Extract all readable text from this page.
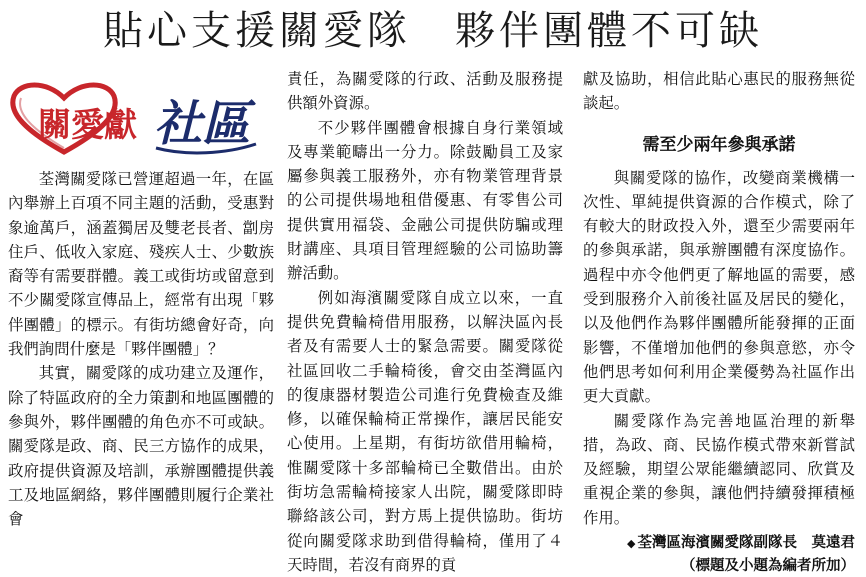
貼心支援關愛隊　夥伴團體不可缺
關愛獻 社區

荃灣關愛隊已營運超過一年，在區內舉辦上百項不同主題的活動，受惠對象逾萬戶，涵蓋獨居及雙老長者、劏房住戶、低收入家庭、殘疾人士、少數族裔等有需要群體。義工或街坊或留意到不少關愛隊宣傳品上，經常有出現「夥伴團體」的標示。有街坊總會好奇，向我們詢問什麼是「夥伴團體」？

其實，關愛隊的成功建立及運作，除了特區政府的全力策劃和地區團體的參與外，夥伴團體的角色亦不可或缺。關愛隊是政、商、民三方協作的成果，政府提供資源及培訓，承辦團體提供義工及地區網絡，夥伴團體則履行企業社會

責任，為關愛隊的行政、活動及服務提供額外資源。

不少夥伴團體會根據自身行業領域及專業範疇出一分力。除鼓勵員工及家屬參與義工服務外，亦有物業管理背景的公司提供場地租借優惠、有零售公司提供實用福袋、金融公司提供防騙或理財講座、具項目管理經驗的公司協助籌辦活動。

例如海濱關愛隊自成立以來，一直提供免費輪椅借用服務，以解決區內長者及有需要人士的緊急需要。關愛隊從社區回收二手輪椅後，會交由荃灣區內的復康器材製造公司進行免費檢查及維修，以確保輪椅正常操作，讓居民能安心使用。上星期，有街坊欲借用輪椅，惟關愛隊十多部輪椅已全數借出。由於街坊急需輪椅接家人出院，關愛隊即時聯絡該公司，對方馬上提供協助。街坊從向關愛隊求助到借得輪椅，僅用了４天時間，若沒有商界的貢

獻及協助，相信此貼心惠民的服務無從談起。

需至少兩年參與承諾

與關愛隊的協作，改變商業機構一次性、單純提供資源的合作模式，除了有較大的財政投入外，還至少需要兩年的參與承諾，與承辦團體有深度協作。過程中亦令他們更了解地區的需要，感受到服務介入前後社區及居民的變化，以及他們作為夥伴團體所能發揮的正面影響，不僅增加他們的參與意慾，亦令他們思考如何利用企業優勢為社區作出更大貢獻。

關愛隊作為完善地區治理的新舉措，為政、商、民協作模式帶來新嘗試及經驗，期望公眾能繼續認同、欣賞及重視企業的參與，讓他們持續發揮積極作用。

◆ 荃灣區海濱關愛隊副隊長　莫遠君
（標題及小題為編者所加）
